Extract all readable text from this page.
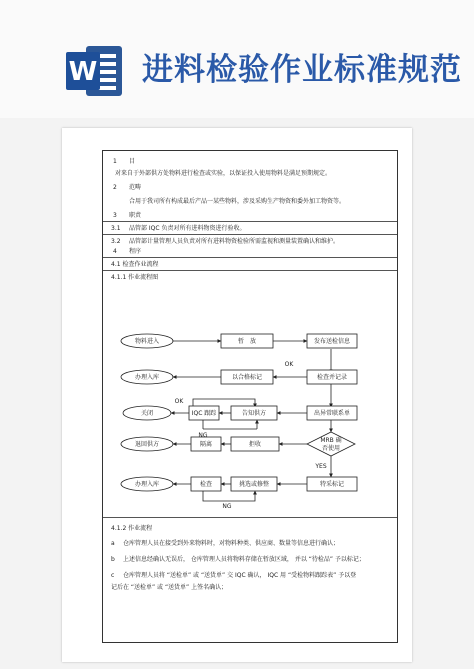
W 进料检验作业标准规范
1 目
对来自于外部供方处物料进行检查或实验，以保证投入使用物料是满足预期规定。
2 范畴
合用于我司所有构成最后产品一某些物料，涉及采购生产物资和委外加工物资等。
3 职责
3.1 品管部 IQC 负责对所有进料物资进行验收。
3.2 品管部计量管理人员负责对所有进料物资检验所需监视和测量装置确认和维护。
4 程序
4.1 检查作业流程
4.1.1 作业流程图
物料进入	暂　放	发布送检信息
检查并记录
以合格标记
办理入库
OK
出异常联系单
告知供方
IQC 跟踪
关闭
OK
NG
MRB 确
否使用
拒收
隔离
退回供方
YES
特采标记
挑选或修整
检查
办理入库
NG
4.1.2 作业流程
a 仓库管理人员在接受到外来物料时，对物料种类、供应商、数量等信息进行确认；
b 上述信息经确认无误后， 仓库管理人员将物料存储在暂放区域， 并以 “待检品” 予以标记；
c 仓库管理人员将 “送检单” 或 “送货单” 交 IQC 确认， IQC 用 “受检物料跟踪表” 予以登
记后在 “送检单” 或 “送货单” 上签名确认；
